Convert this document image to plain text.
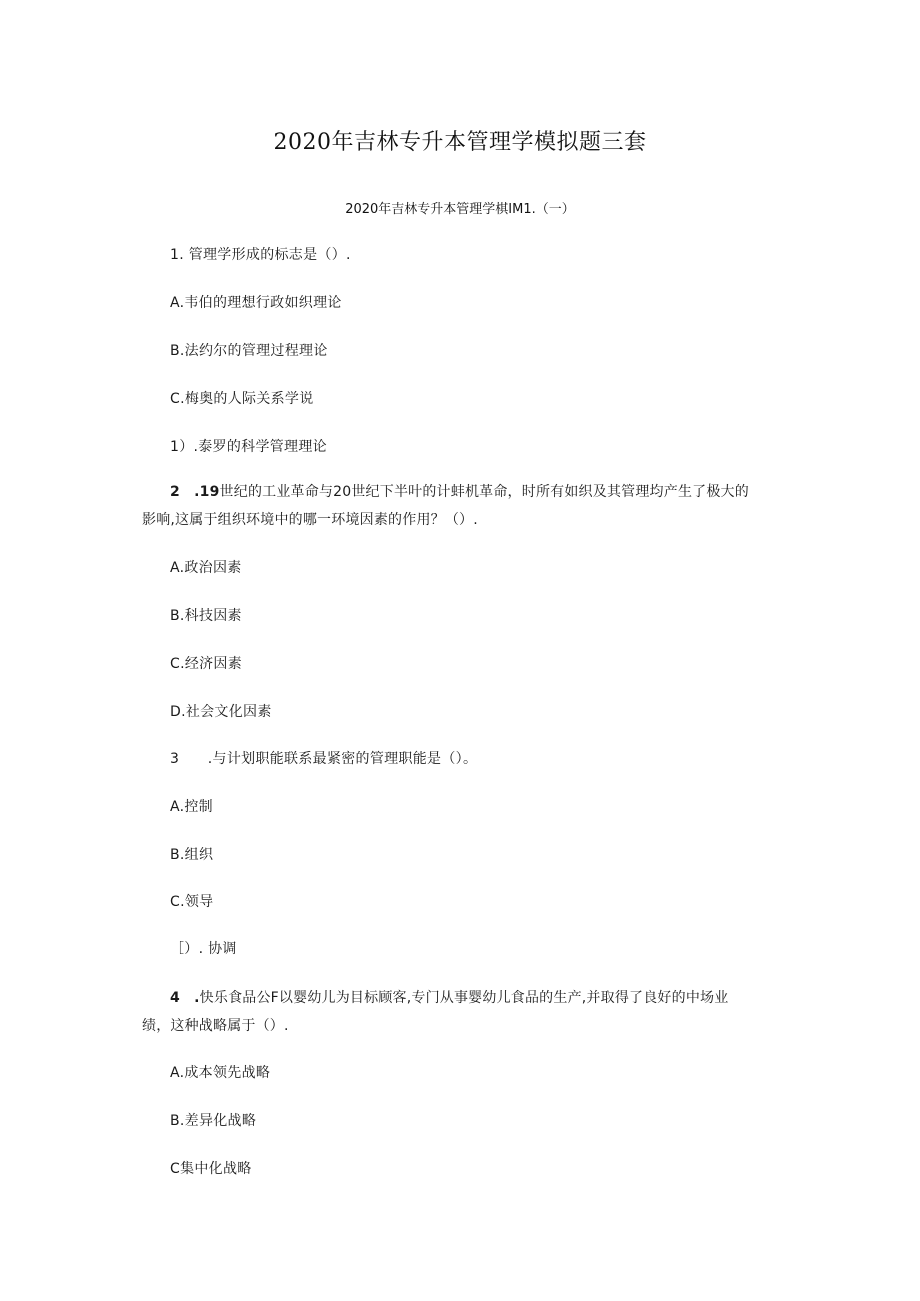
2020年吉林专升本管理学模拟题三套
2020年吉林专升本管理学棋IM1.（一）
1. 管理学形成的标志是（）.
A.韦伯的理想行政如织理论
B.法约尔的管理过程理论
C.梅奥的人际关系学说
1）.泰罗的科学管理理论
2　.19世纪的工业革命与20世纪下半叶的计蚌机革命，时所有如织及其管理均产生了极大的
影响,这属于组织环境中的哪一环境因素的作用？（）.
A.政治因素
B.科技因素
C.经济因素
D.社会文化因素
3　　.与计划职能联系最紧密的管理职能是（）。
A.控制
B.组织
C.领导
［）. 协调
4　.快乐食品公F以婴幼儿为目标顾客,专门从事婴幼儿食品的生产,并取得了良好的中场业
绩，这种战略属于（）.
A.成本领先战略
B.差异化战略
C集中化战略
